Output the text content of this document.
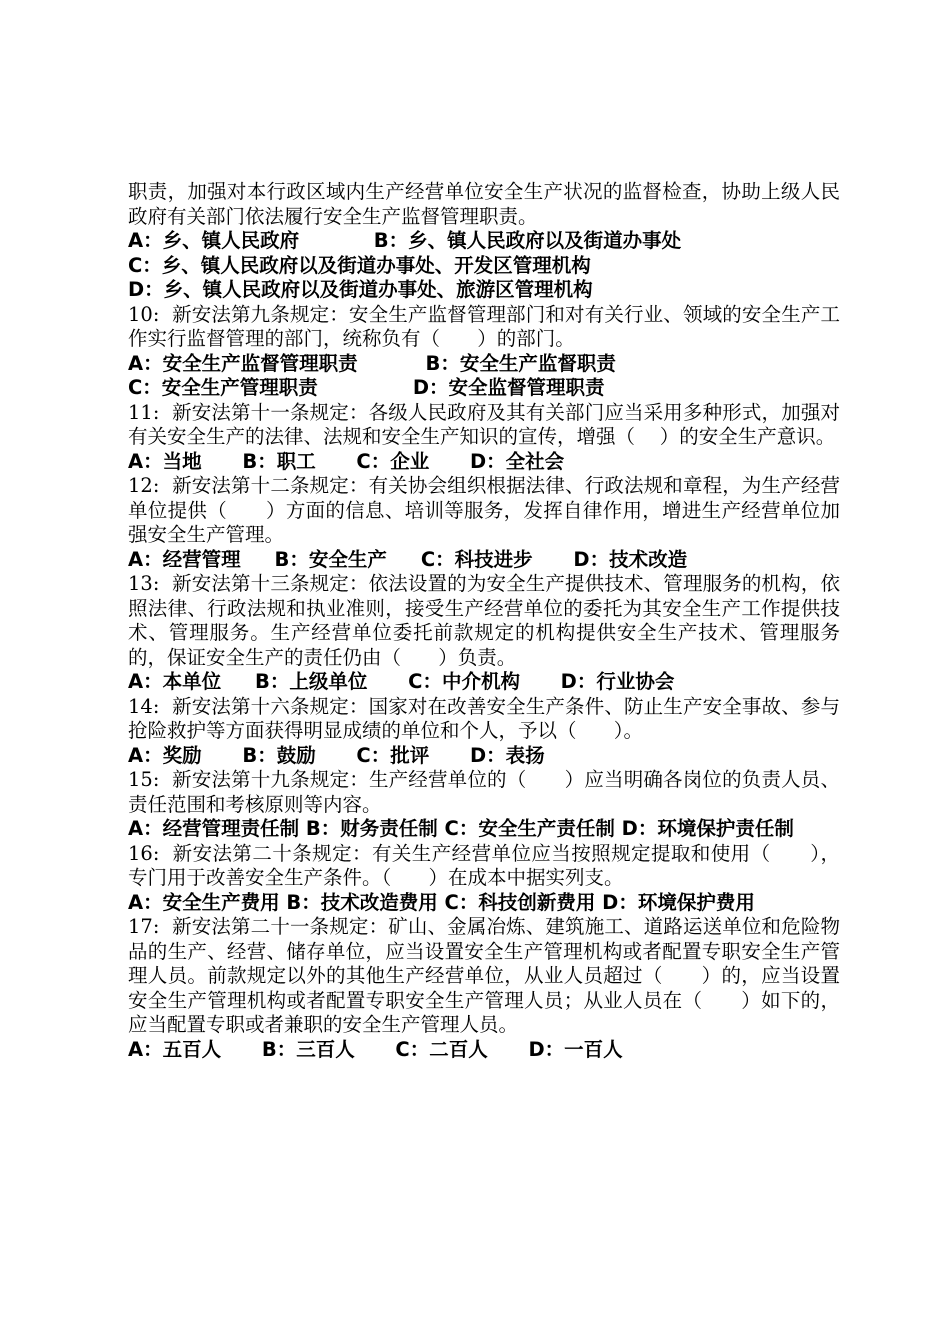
职责，加强对本行政区域内生产经营单位安全生产状况的监督检查，协助上级人民政府有关部门依法履行安全生产监督管理职责。

A：乡、镇人民政府           B：乡、镇人民政府以及街道办事处

C：乡、镇人民政府以及街道办事处、开发区管理机构

D：乡、镇人民政府以及街道办事处、旅游区管理机构

10:  新安法第九条规定：安全生产监督管理部门和对有关行业、领域的安全生产工作实行监督管理的部门，统称负有（      ）的部门。

A：安全生产监督管理职责          B：安全生产监督职责

C：安全生产管理职责              D：安全监督管理职责

11:  新安法第十一条规定：各级人民政府及其有关部门应当采用多种形式，加强对有关安全生产的法律、法规和安全生产知识的宣传，增强（    ）的安全生产意识。

A：当地      B：职工      C：企业      D：全社会

12:  新安法第十二条规定：有关协会组织根据法律、行政法规和章程，为生产经营单位提供（      ）方面的信息、培训等服务，发挥自律作用，增进生产经营单位加强安全生产管理。

A：经营管理     B：安全生产     C：科技进步      D：技术改造

13:  新安法第十三条规定：依法设置的为安全生产提供技术、管理服务的机构，依照法律、行政法规和执业准则，接受生产经营单位的委托为其安全生产工作提供技术、管理服务。生产经营单位委托前款规定的机构提供安全生产技术、管理服务的，保证安全生产的责任仍由（      ）负责。

A：本单位     B：上级单位      C：中介机构      D：行业协会

14:  新安法第十六条规定：国家对在改善安全生产条件、防止生产安全事故、参与抢险救护等方面获得明显成绩的单位和个人，予以（      ）。

A：奖励      B：鼓励      C：批评      D：表扬

15:  新安法第十九条规定：生产经营单位的（      ）应当明确各岗位的负责人员、责任范围和考核原则等内容。

A：经营管理责任制 B：财务责任制 C：安全生产责任制 D：环境保护责任制

16:  新安法第二十条规定：有关生产经营单位应当按照规定提取和使用（      ），专门用于改善安全生产条件。（      ）在成本中据实列支。

A：安全生产费用 B：技术改造费用 C：科技创新费用 D：环境保护费用

17:  新安法第二十一条规定：矿山、金属冶炼、建筑施工、道路运送单位和危险物品的生产、经营、储存单位，应当设置安全生产管理机构或者配置专职安全生产管理人员。前款规定以外的其他生产经营单位，从业人员超过（      ）的，应当设置安全生产管理机构或者配置专职安全生产管理人员；从业人员在（      ）如下的，应当配置专职或者兼职的安全生产管理人员。

A：五百人      B：三百人      C：二百人      D：一百人
